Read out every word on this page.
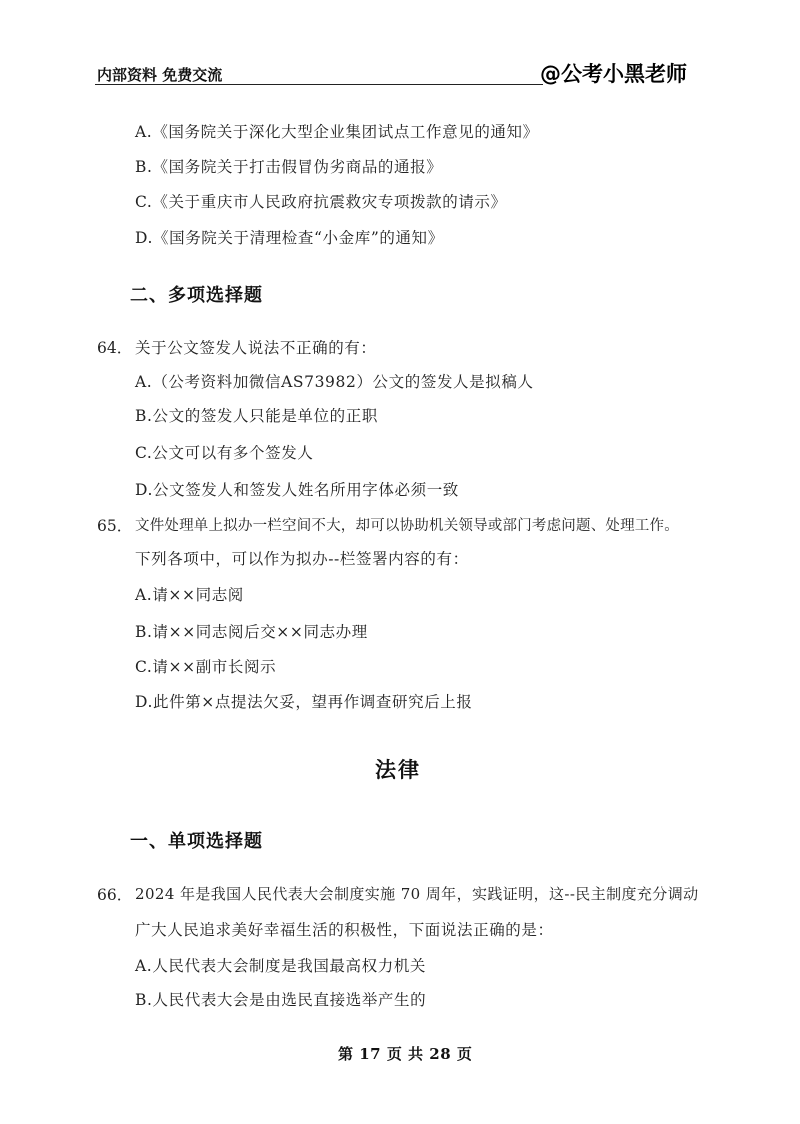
内部资料 免费交流	@公考小黑老师
A.《国务院关于深化大型企业集团试点工作意见的通知》
B.《国务院关于打击假冒伪劣商品的通报》
C.《关于重庆市人民政府抗震救灾专项拨款的请示》
D.《国务院关于清理检查“小金库”的通知》
二、多项选择题
64． 关于公文签发人说法不正确的有：
A.（公考资料加微信AS73982）公文的签发人是拟稿人
B.公文的签发人只能是单位的正职
C.公文可以有多个签发人
D.公文签发人和签发人姓名所用字体必须一致
65． 文件处理单上拟办一栏空间不大，却可以协助机关领导或部门考虑问题、处理工作。
下列各项中，可以作为拟办--栏签署内容的有：
A.请××同志阅
B.请××同志阅后交××同志办理
C.请××副市长阅示
D.此件第×点提法欠妥，望再作调查研究后上报
法律
一、单项选择题
66． 2024 年是我国人民代表大会制度实施 70 周年，实践证明，这--民主制度充分调动
广大人民追求美好幸福生活的积极性，下面说法正确的是：
A.人民代表大会制度是我国最高权力机关
B.人民代表大会是由选民直接选举产生的
第 17 页 共 28 页
